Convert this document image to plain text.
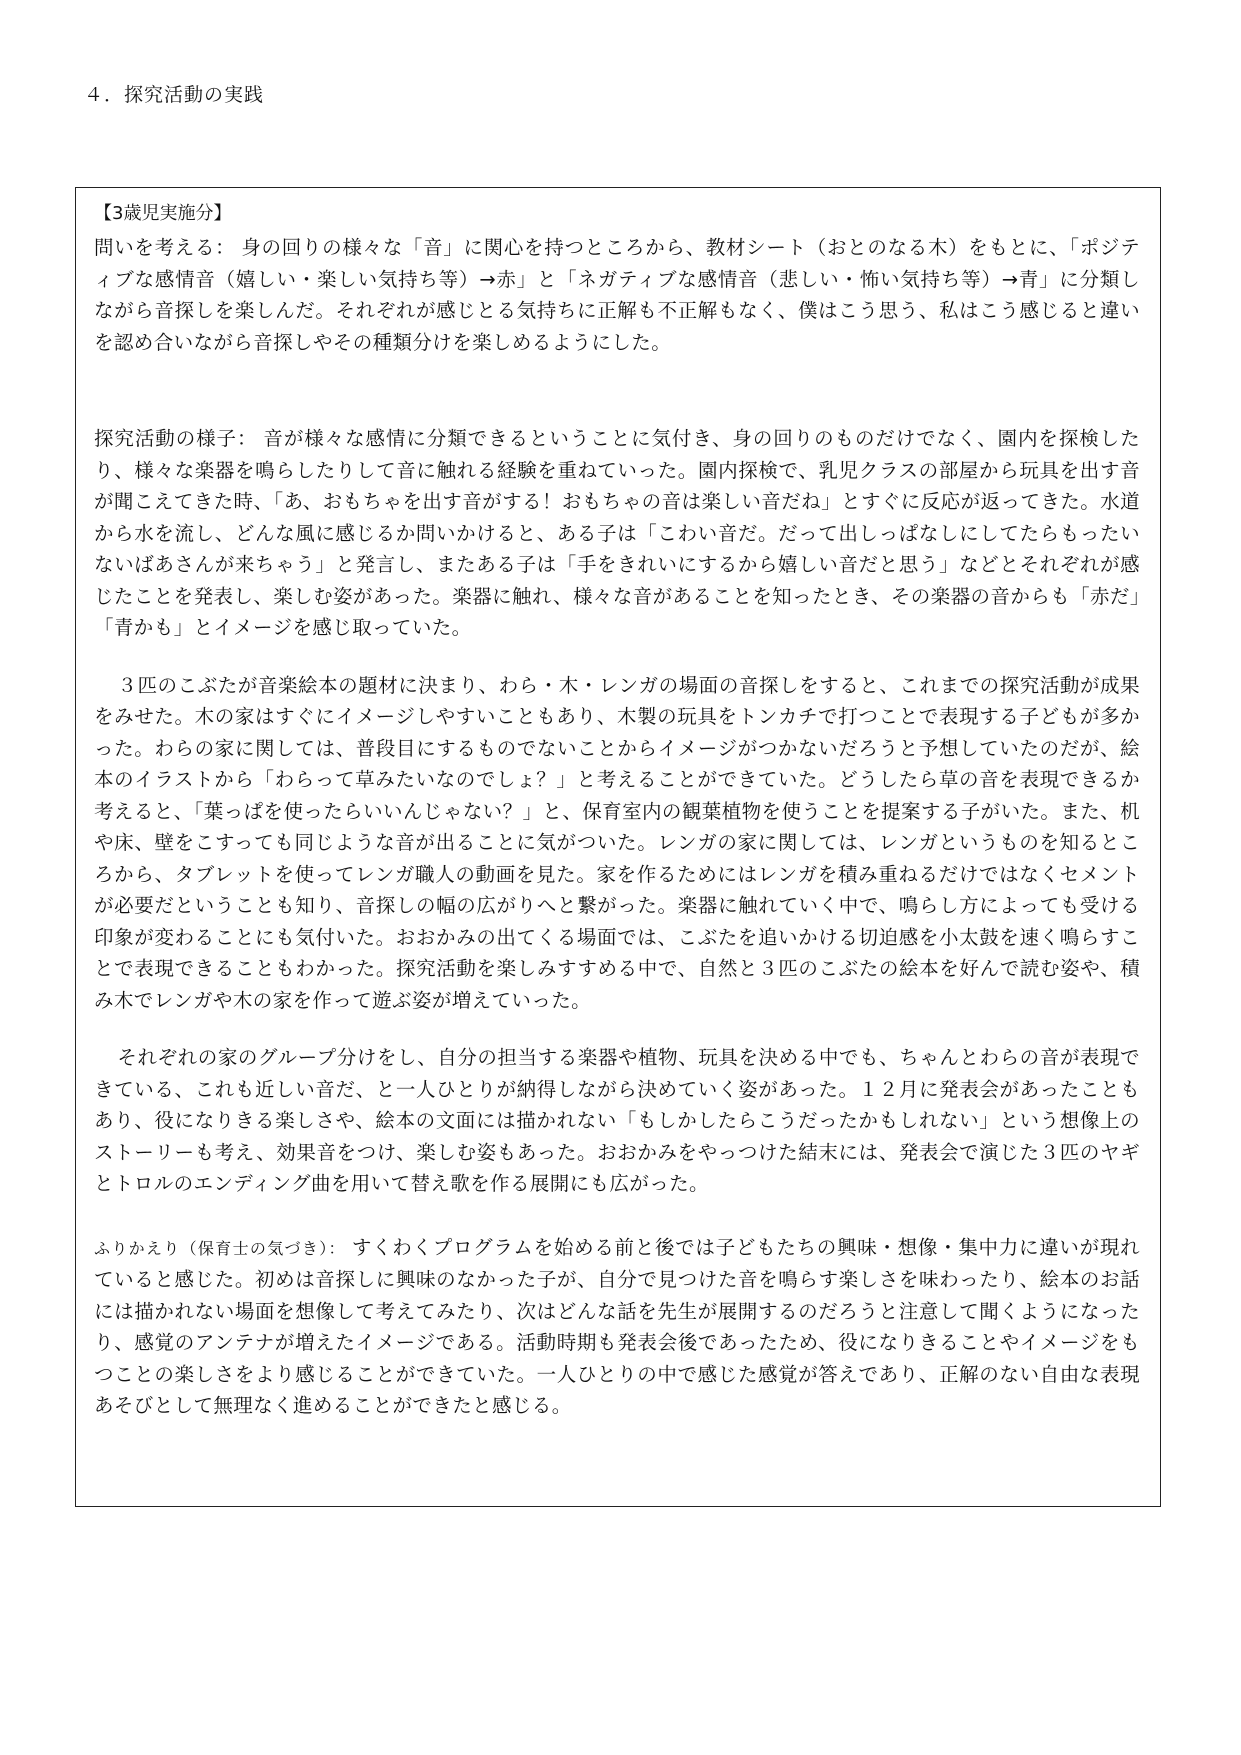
４．探究活動の実践

【3歳児実施分】

問いを考える： 身の回りの様々な「音」に関心を持つところから、教材シート（おとのなる木）をもとに、「ポジティブな感情音（嬉しい・楽しい気持ち等）→赤」と「ネガティブな感情音（悲しい・怖い気持ち等）→青」に分類しながら音探しを楽しんだ。それぞれが感じとる気持ちに正解も不正解もなく、僕はこう思う、私はこう感じると違いを認め合いながら音探しやその種類分けを楽しめるようにした。

探究活動の様子： 音が様々な感情に分類できるということに気付き、身の回りのものだけでなく、園内を探検したり、様々な楽器を鳴らしたりして音に触れる経験を重ねていった。園内探検で、乳児クラスの部屋から玩具を出す音が聞こえてきた時、「あ、おもちゃを出す音がする！おもちゃの音は楽しい音だね」とすぐに反応が返ってきた。水道から水を流し、どんな風に感じるか問いかけると、ある子は「こわい音だ。だって出しっぱなしにしてたらもったいないばあさんが来ちゃう」と発言し、またある子は「手をきれいにするから嬉しい音だと思う」などとそれぞれが感じたことを発表し、楽しむ姿があった。楽器に触れ、様々な音があることを知ったとき、その楽器の音からも「赤だ」「青かも」とイメージを感じ取っていた。

３匹のこぶたが音楽絵本の題材に決まり、わら・木・レンガの場面の音探しをすると、これまでの探究活動が成果をみせた。木の家はすぐにイメージしやすいこともあり、木製の玩具をトンカチで打つことで表現する子どもが多かった。わらの家に関しては、普段目にするものでないことからイメージがつかないだろうと予想していたのだが、絵本のイラストから「わらって草みたいなのでしょ？」と考えることができていた。どうしたら草の音を表現できるか考えると、「葉っぱを使ったらいいんじゃない？」と、保育室内の観葉植物を使うことを提案する子がいた。また、机や床、壁をこすっても同じような音が出ることに気がついた。レンガの家に関しては、レンガというものを知るところから、タブレットを使ってレンガ職人の動画を見た。家を作るためにはレンガを積み重ねるだけではなくセメントが必要だということも知り、音探しの幅の広がりへと繋がった。楽器に触れていく中で、鳴らし方によっても受ける印象が変わることにも気付いた。おおかみの出てくる場面では、こぶたを追いかける切迫感を小太鼓を速く鳴らすことで表現できることもわかった。探究活動を楽しみすすめる中で、自然と３匹のこぶたの絵本を好んで読む姿や、積み木でレンガや木の家を作って遊ぶ姿が増えていった。

それぞれの家のグループ分けをし、自分の担当する楽器や植物、玩具を決める中でも、ちゃんとわらの音が表現できている、これも近しい音だ、と一人ひとりが納得しながら決めていく姿があった。１２月に発表会があったこともあり、役になりきる楽しさや、絵本の文面には描かれない「もしかしたらこうだったかもしれない」という想像上のストーリーも考え、効果音をつけ、楽しむ姿もあった。おおかみをやっつけた結末には、発表会で演じた３匹のヤギとトロルのエンディング曲を用いて替え歌を作る展開にも広がった。

ふりかえり（保育士の気づき）： すくわくプログラムを始める前と後では子どもたちの興味・想像・集中力に違いが現れていると感じた。初めは音探しに興味のなかった子が、自分で見つけた音を鳴らす楽しさを味わったり、絵本のお話には描かれない場面を想像して考えてみたり、次はどんな話を先生が展開するのだろうと注意して聞くようになったり、感覚のアンテナが増えたイメージである。活動時期も発表会後であったため、役になりきることやイメージをもつことの楽しさをより感じることができていた。一人ひとりの中で感じた感覚が答えであり、正解のない自由な表現あそびとして無理なく進めることができたと感じる。
